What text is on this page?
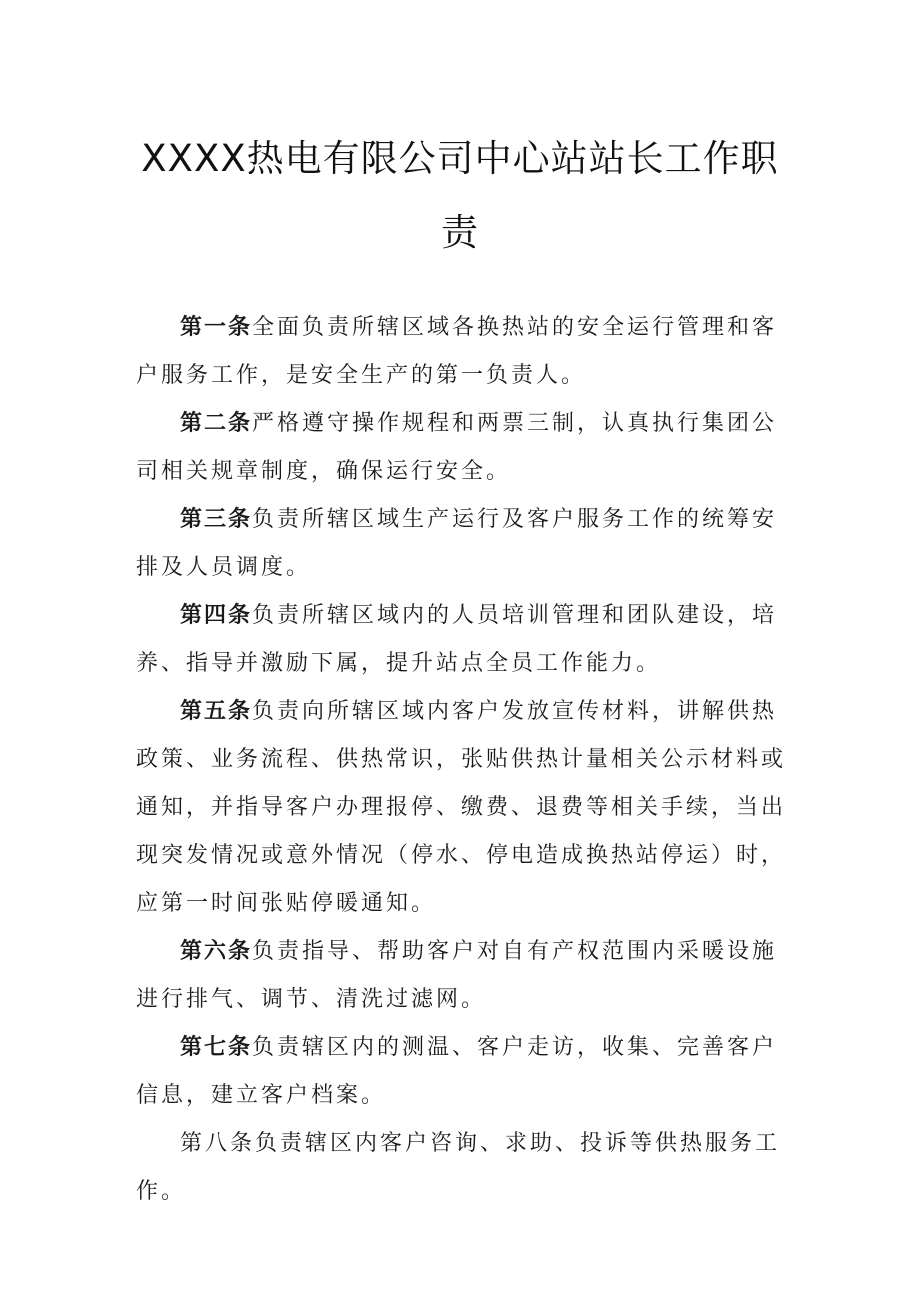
XXXX热电有限公司中心站站长工作职
责

第一条全面负责所辖区域各换热站的安全运行管理和客户服务工作，是安全生产的第一负责人。

第二条严格遵守操作规程和两票三制，认真执行集团公司相关规章制度，确保运行安全。

第三条负责所辖区域生产运行及客户服务工作的统筹安排及人员调度。

第四条负责所辖区域内的人员培训管理和团队建设，培养、指导并激励下属，提升站点全员工作能力。

第五条负责向所辖区域内客户发放宣传材料，讲解供热政策、业务流程、供热常识，张贴供热计量相关公示材料或通知，并指导客户办理报停、缴费、退费等相关手续，当出现突发情况或意外情况（停水、停电造成换热站停运）时，应第一时间张贴停暖通知。

第六条负责指导、帮助客户对自有产权范围内采暖设施进行排气、调节、清洗过滤网。

第七条负责辖区内的测温、客户走访，收集、完善客户信息，建立客户档案。

第八条负责辖区内客户咨询、求助、投诉等供热服务工作。
